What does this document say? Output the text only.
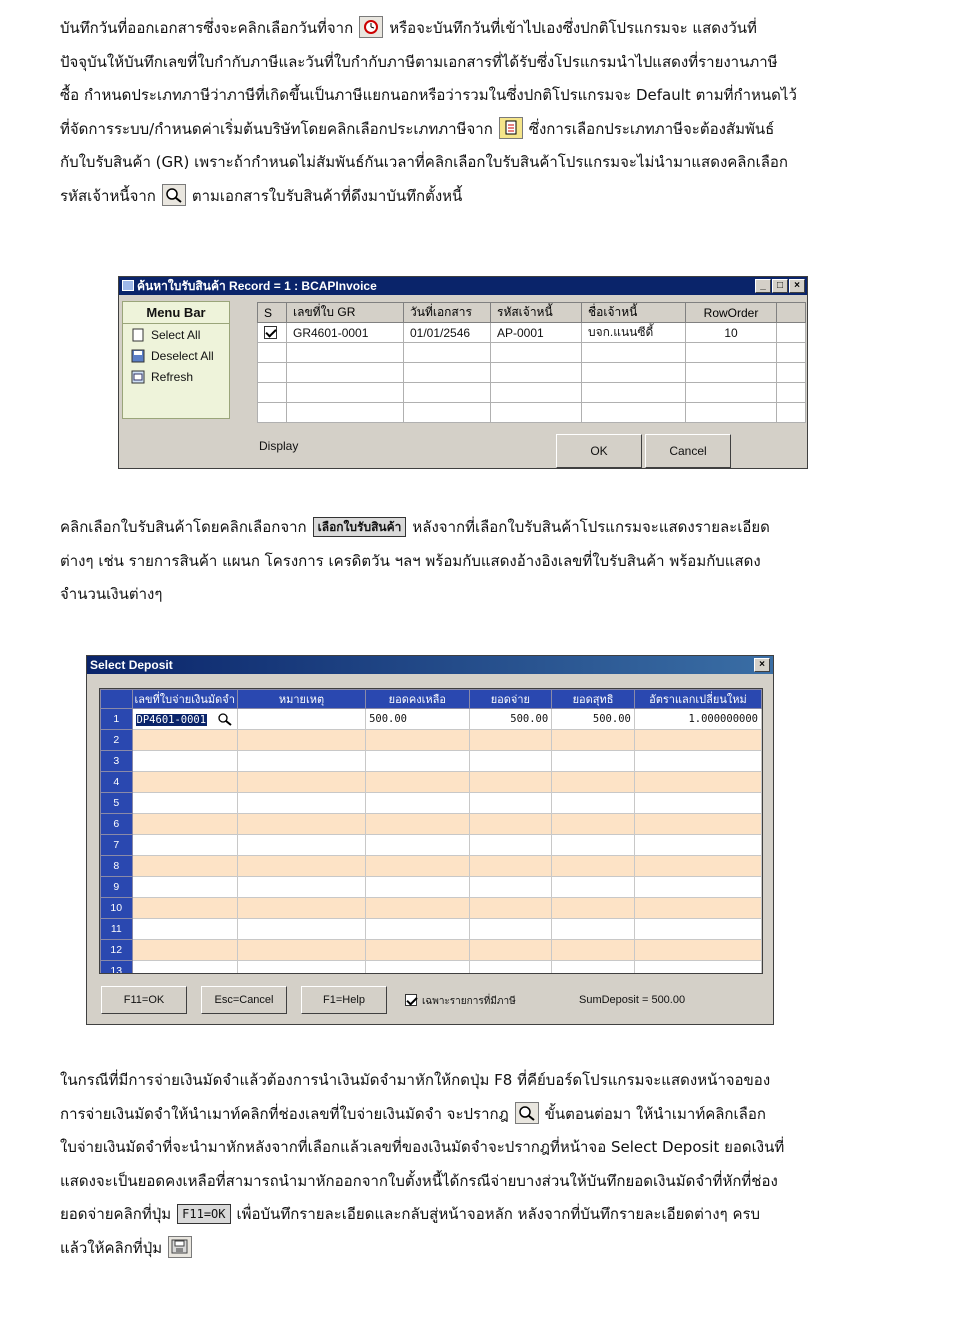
บันทึกวันที่ออกเอกสารซึ่งจะคลิกเลือกวันที่จาก หรือจะบันทึกวันที่เข้าไปเองซึ่งปกติโปรแกรมจะ แสดงวันที่
ปัจจุบันให้บันทึกเลขที่ใบกำกับภาษีและวันที่ใบกำกับภาษีตามเอกสารที่ได้รับซึ่งโปรแกรมนำไปแสดงที่รายงานภาษี
ซื้อ กำหนดประเภทภาษีว่าภาษีที่เกิดขึ้นเป็นภาษีแยกนอกหรือว่ารวมในซึ่งปกติโปรแกรมจะ Default ตามที่กำหนดไว้
ที่จัดการระบบ/กำหนดค่าเริ่มต้นบริษัทโดยคลิกเลือกประเภทภาษีจาก ซึ่งการเลือกประเภทภาษีจะต้องสัมพันธ์
กับใบรับสินค้า (GR) เพราะถ้ากำหนดไม่สัมพันธ์กันเวลาที่คลิกเลือกใบรับสินค้าโปรแกรมจะไม่นำมาแสดงคลิกเลือก
รหัสเจ้าหนี้จาก ตามเอกสารใบรับสินค้าที่ดึงมาบันทึกตั้งหนี้
ค้นหาใบรับสินค้า Record = 1 : BCAPInvoice	_	□	×
Menu Bar
Select All
Deselect All
Refresh
S	เลขที่ใบ GR	วันที่เอกสาร	รหัสเจ้าหนี้	ชื่อเจ้าหนี้	RowOrder	
	GR4601-0001	01/01/2546	AP-0001	บจก.แนนซีดี้	10	

Display	OK	Cancel
คลิกเลือกใบรับสินค้าโดยคลิกเลือกจาก เลือกใบรับสินค้า หลังจากที่เลือกใบรับสินค้าโปรแกรมจะแสดงรายละเอียด
ต่างๆ เช่น รายการสินค้า แผนก โครงการ เครดิตวัน ฯลฯ พร้อมกับแสดงอ้างอิงเลขที่ใบรับสินค้า พร้อมกับแสดง
จำนวนเงินต่างๆ
Select Deposit	×
	เลขที่ใบจ่ายเงินมัดจำ	หมายเหตุ	ยอดคงเหลือ	ยอดจ่าย	ยอดสุทธิ	อัตราแลกเปลี่ยนใหม่
1	DP4601-0001		500.00	500.00	500.00	1.000000000
2						
3						
4						
5						
6						
7						
8						
9						
10						
11						
12						
13						
F11=OK	Esc=Cancel	F1=Help	เฉพาะรายการที่มีภาษี	SumDeposit = 500.00
ในกรณีที่มีการจ่ายเงินมัดจำแล้วต้องการนำเงินมัดจำมาหักให้กดปุ่ม F8 ที่คีย์บอร์ดโปรแกรมจะแสดงหน้าจอของ
การจ่ายเงินมัดจำให้นำเมาท์คลิกที่ช่องเลขที่ใบจ่ายเงินมัดจำ จะปรากฎ ขั้นตอนต่อมา ให้นำเมาท์คลิกเลือก
ใบจ่ายเงินมัดจำที่จะนำมาหักหลังจากที่เลือกแล้วเลขที่ของเงินมัดจำจะปรากฎที่หน้าจอ Select Deposit ยอดเงินที่
แสดงจะเป็นยอดคงเหลือที่สามารถนำมาหักออกจากใบตั้งหนี้ได้กรณีจ่ายบางส่วนให้บันทึกยอดเงินมัดจำที่หักที่ช่อง
ยอดจ่ายคลิกที่ปุ่ม F11=OK เพื่อบันทึกรายละเอียดและกลับสู่หน้าจอหลัก หลังจากที่บันทึกรายละเอียดต่างๆ ครบ
แล้วให้คลิกที่ปุ่ม
